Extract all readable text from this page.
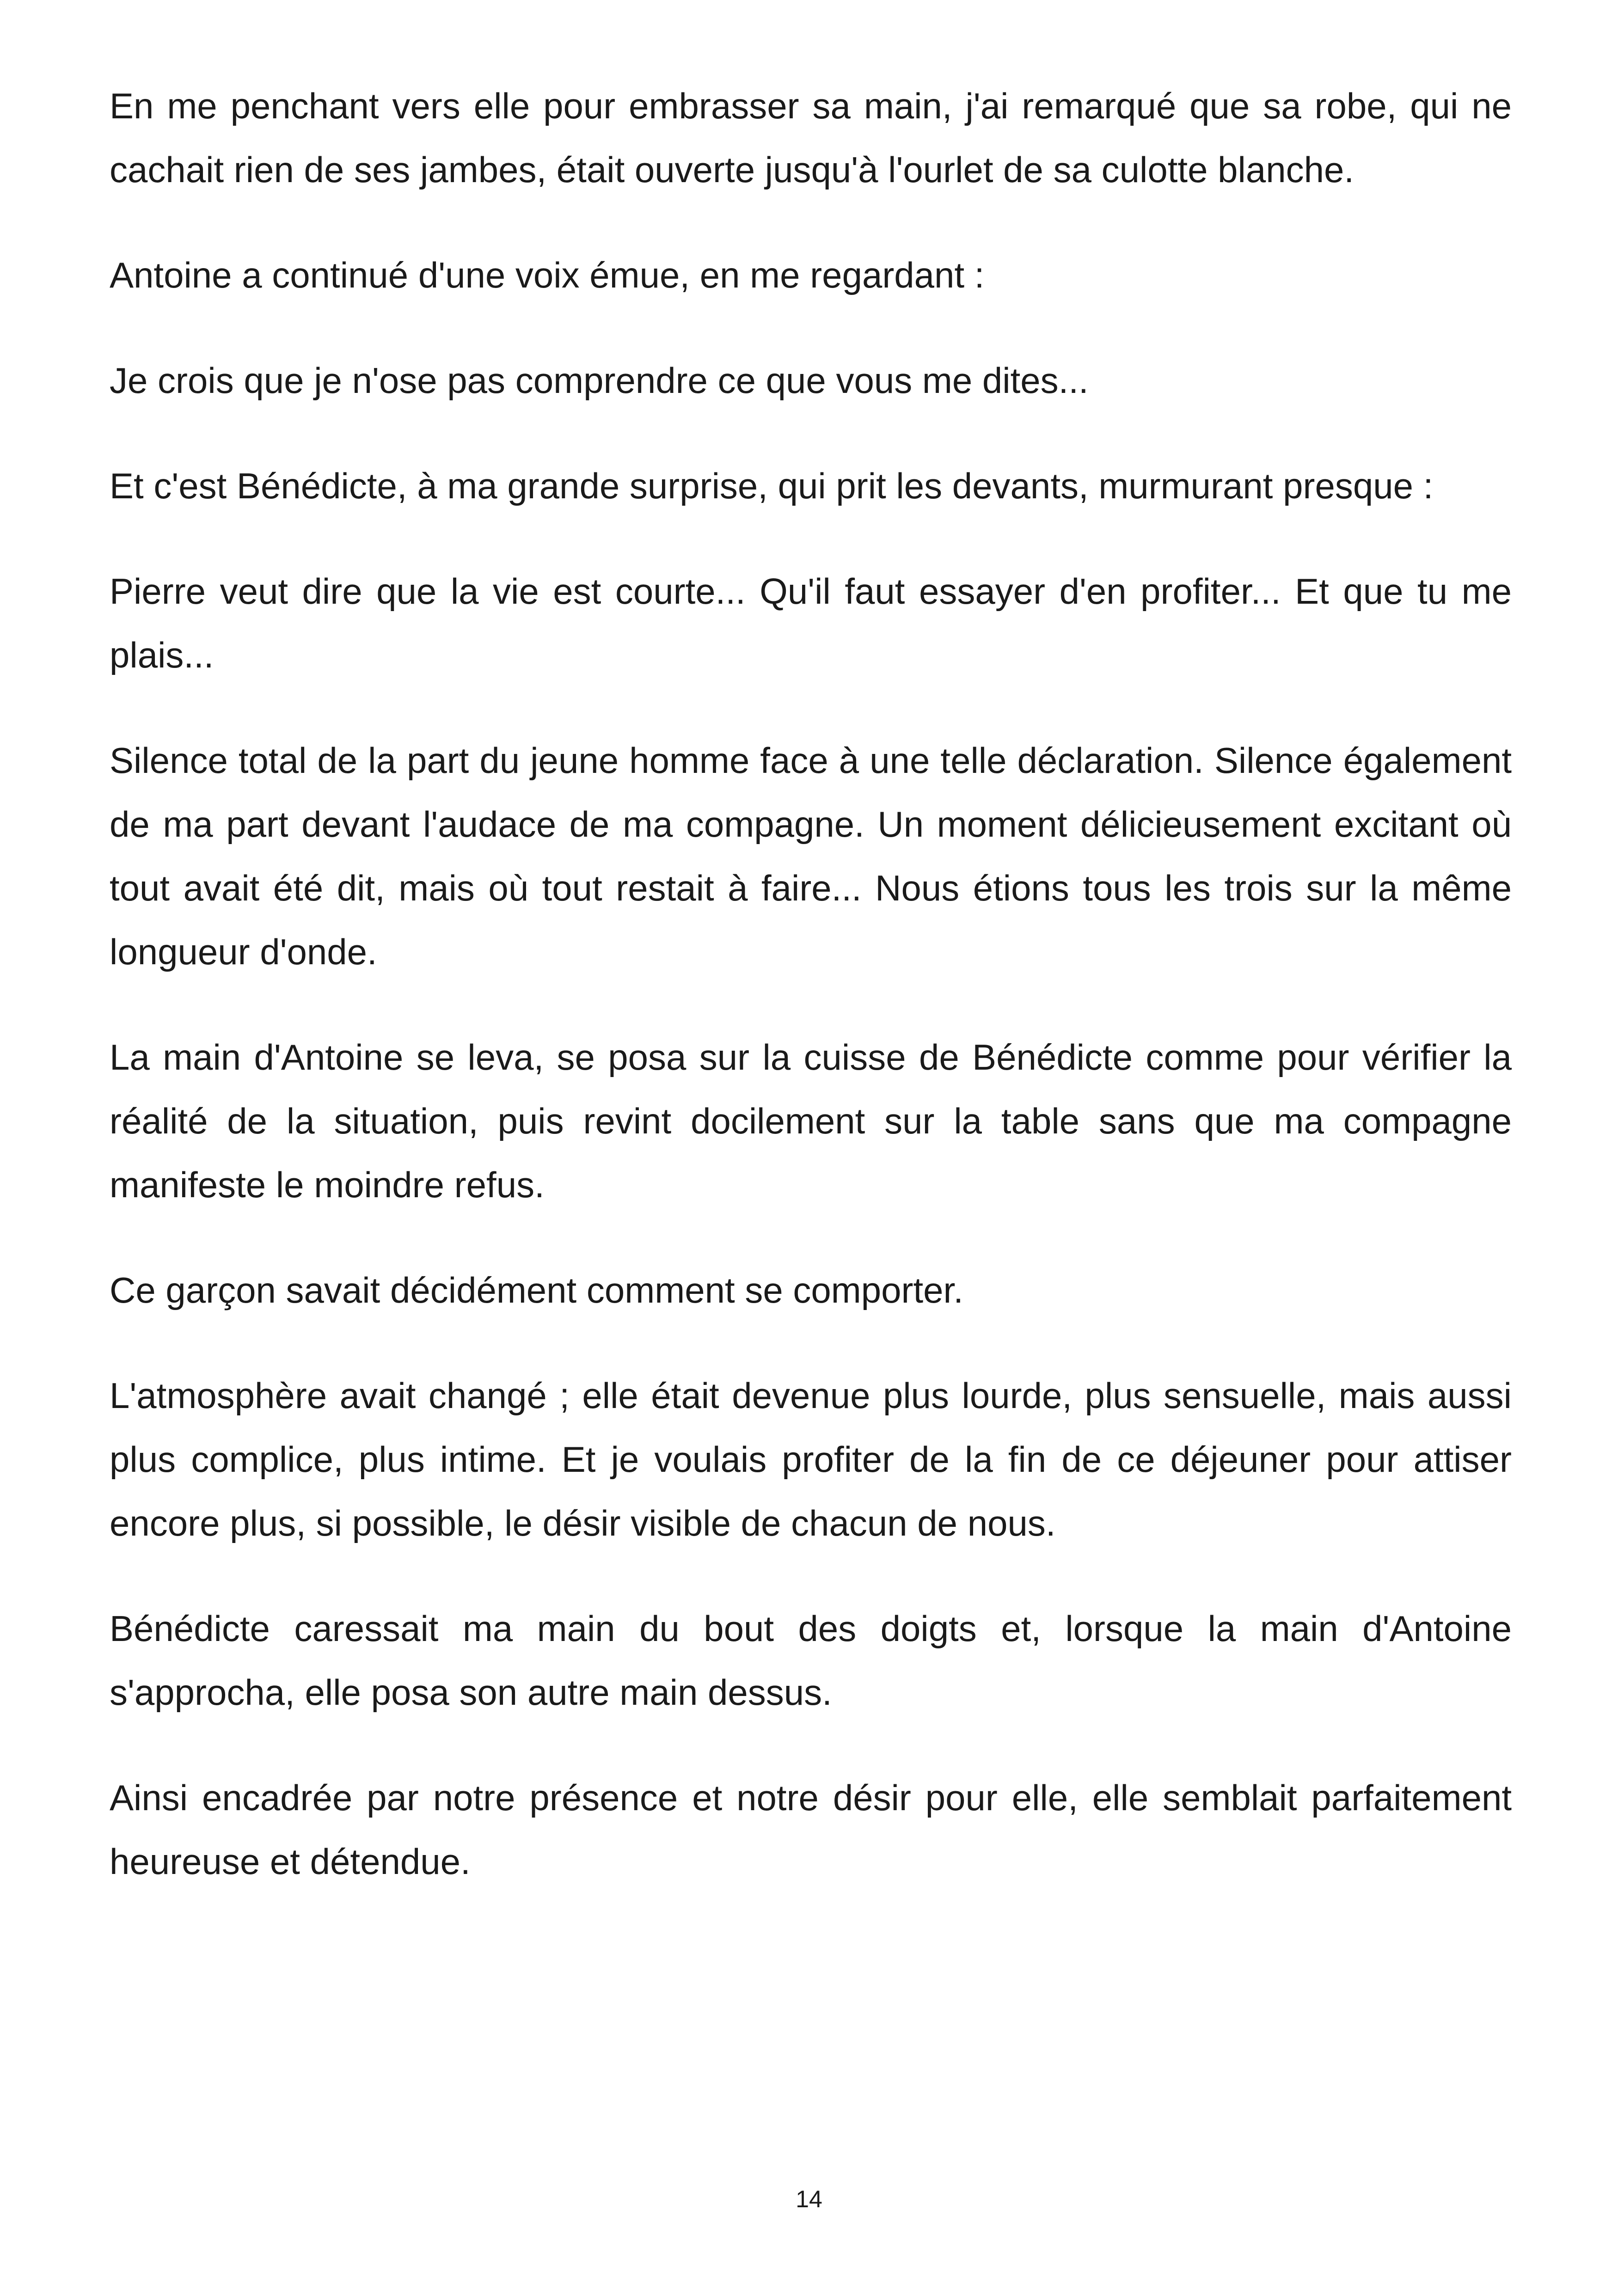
En me penchant vers elle pour embrasser sa main, j'ai remarqué que sa robe, qui ne cachait rien de ses jambes, était ouverte jusqu'à l'ourlet de sa culotte blanche.

Antoine a continué d'une voix émue, en me regardant :

Je crois que je n'ose pas comprendre ce que vous me dites...

Et c'est Bénédicte, à ma grande surprise, qui prit les devants, murmurant presque :

Pierre veut dire que la vie est courte... Qu'il faut essayer d'en profiter... Et que tu me plais...

Silence total de la part du jeune homme face à une telle déclaration. Silence également de ma part devant l'audace de ma compagne. Un moment délicieusement excitant où tout avait été dit, mais où tout restait à faire... Nous étions tous les trois sur la même longueur d'onde.

La main d'Antoine se leva, se posa sur la cuisse de Bénédicte comme pour vérifier la réalité de la situation, puis revint docilement sur la table sans que ma compagne manifeste le moindre refus.

Ce garçon savait décidément comment se comporter.

L'atmosphère avait changé ; elle était devenue plus lourde, plus sensuelle, mais aussi plus complice, plus intime. Et je voulais profiter de la fin de ce déjeuner pour attiser encore plus, si possible, le désir visible de chacun de nous.

Bénédicte caressait ma main du bout des doigts et, lorsque la main d'Antoine s'approcha, elle posa son autre main dessus.

Ainsi encadrée par notre présence et notre désir pour elle, elle semblait parfaitement heureuse et détendue.

14
